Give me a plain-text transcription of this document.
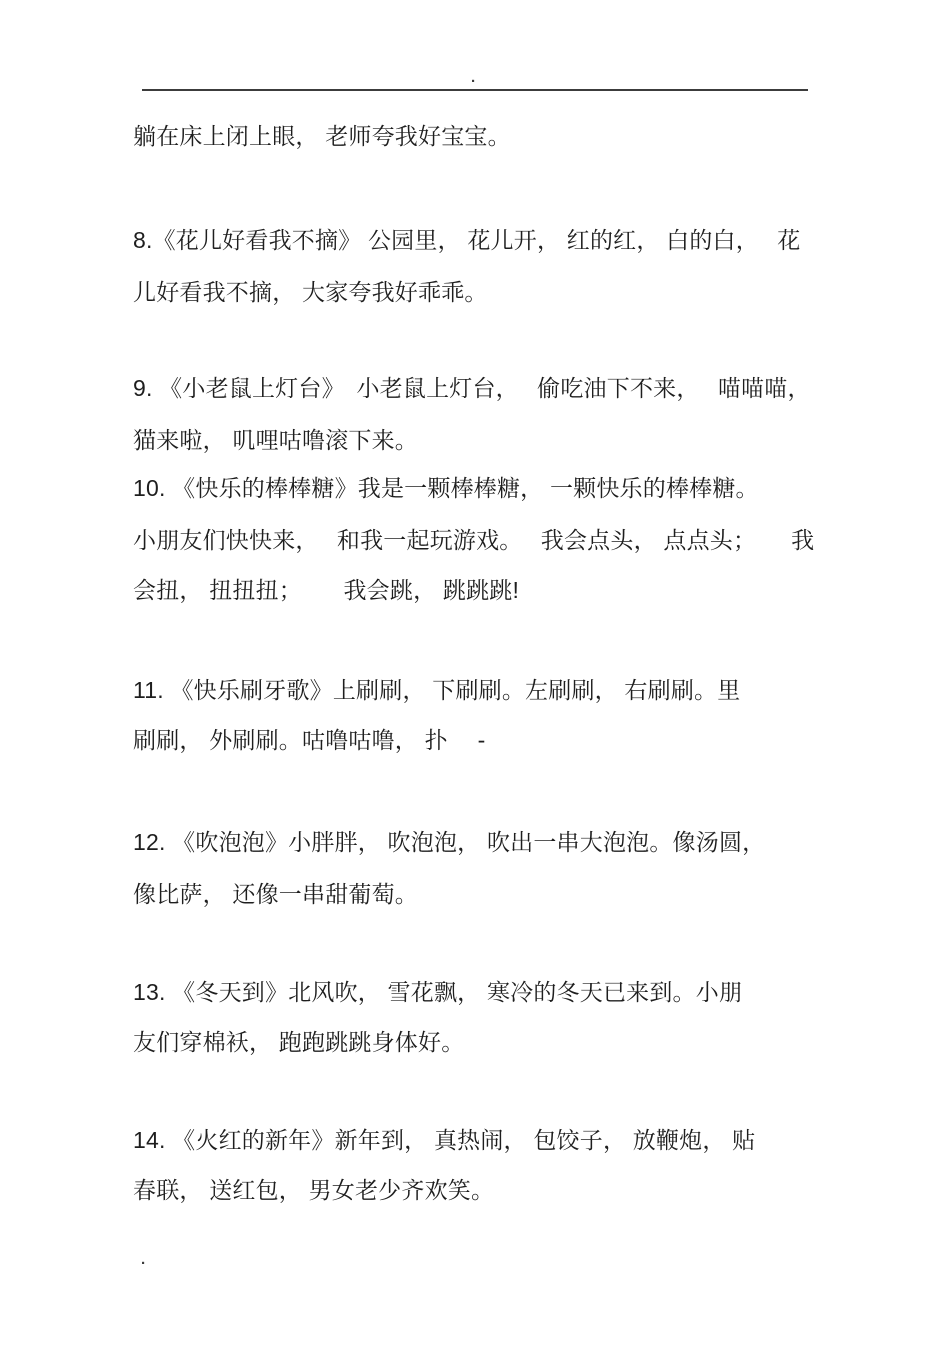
.
躺在床上闭上眼， 老师夸我好宝宝。
8.《花儿好看我不摘》 公园里， 花儿开， 红的红， 白的白，　 花
儿好看我不摘， 大家夸我好乖乖。
9. 《小老鼠上灯台》　小老鼠上灯台，　 偷吃油下不来，　 喵喵喵，
猫来啦， 叽哩咕噜滚下来。
10. 《快乐的棒棒糖》我是一颗棒棒糖， 一颗快乐的棒棒糖。
小朋友们快快来，　 和我一起玩游戏。　 我会点头， 点点头；　　我
会扭， 扭扭扭；　　 我会跳， 跳跳跳!
11. 《快乐刷牙歌》上刷刷， 下刷刷。左刷刷， 右刷刷。里
刷刷， 外刷刷。咕噜咕噜， 扑　 -
12. 《吹泡泡》小胖胖， 吹泡泡， 吹出一串大泡泡。像汤圆，
像比萨， 还像一串甜葡萄。
13. 《冬天到》北风吹， 雪花飘， 寒冷的冬天已来到。小朋
友们穿棉袄， 跑跑跳跳身体好。
14. 《火红的新年》新年到， 真热闹， 包饺子， 放鞭炮， 贴
春联， 送红包， 男女老少齐欢笑。
.
